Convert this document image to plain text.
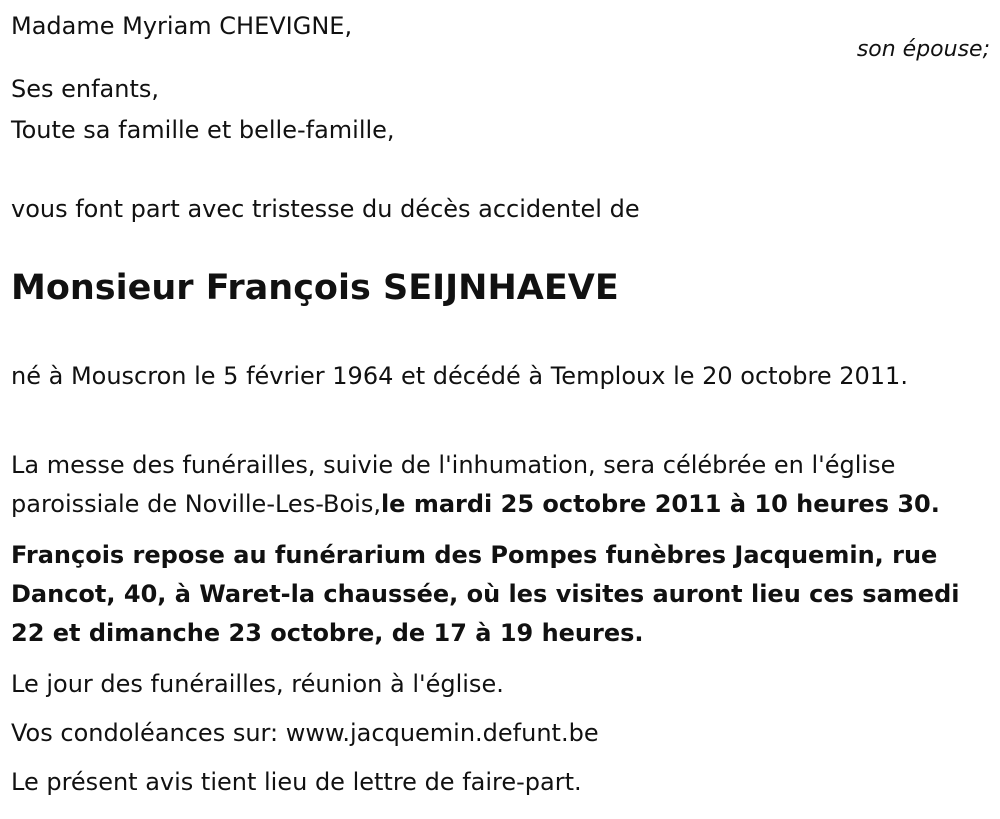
Madame Myriam CHEVIGNE,

Ses enfants,

Toute sa famille et belle-famille,

vous font part avec tristesse du décès accidentel de

Monsieur François SEIJNHAEVE

né à Mouscron le 5 février 1964 et décédé à Temploux le 20 octobre 2011.

La messe des funérailles, suivie de l'inhumation, sera célébrée en l'église paroissiale de Noville-Les-Bois,le mardi 25 octobre 2011 à 10 heures 30.

François repose au funérarium des Pompes funèbres Jacquemin, rue Dancot, 40, à Waret-la chaussée, où les visites auront lieu ces samedi 22 et dimanche 23 octobre, de 17 à 19 heures.

Le jour des funérailles, réunion à l'église.

Vos condoléances sur: www.jacquemin.defunt.be

Le présent avis tient lieu de lettre de faire-part.

son épouse;
